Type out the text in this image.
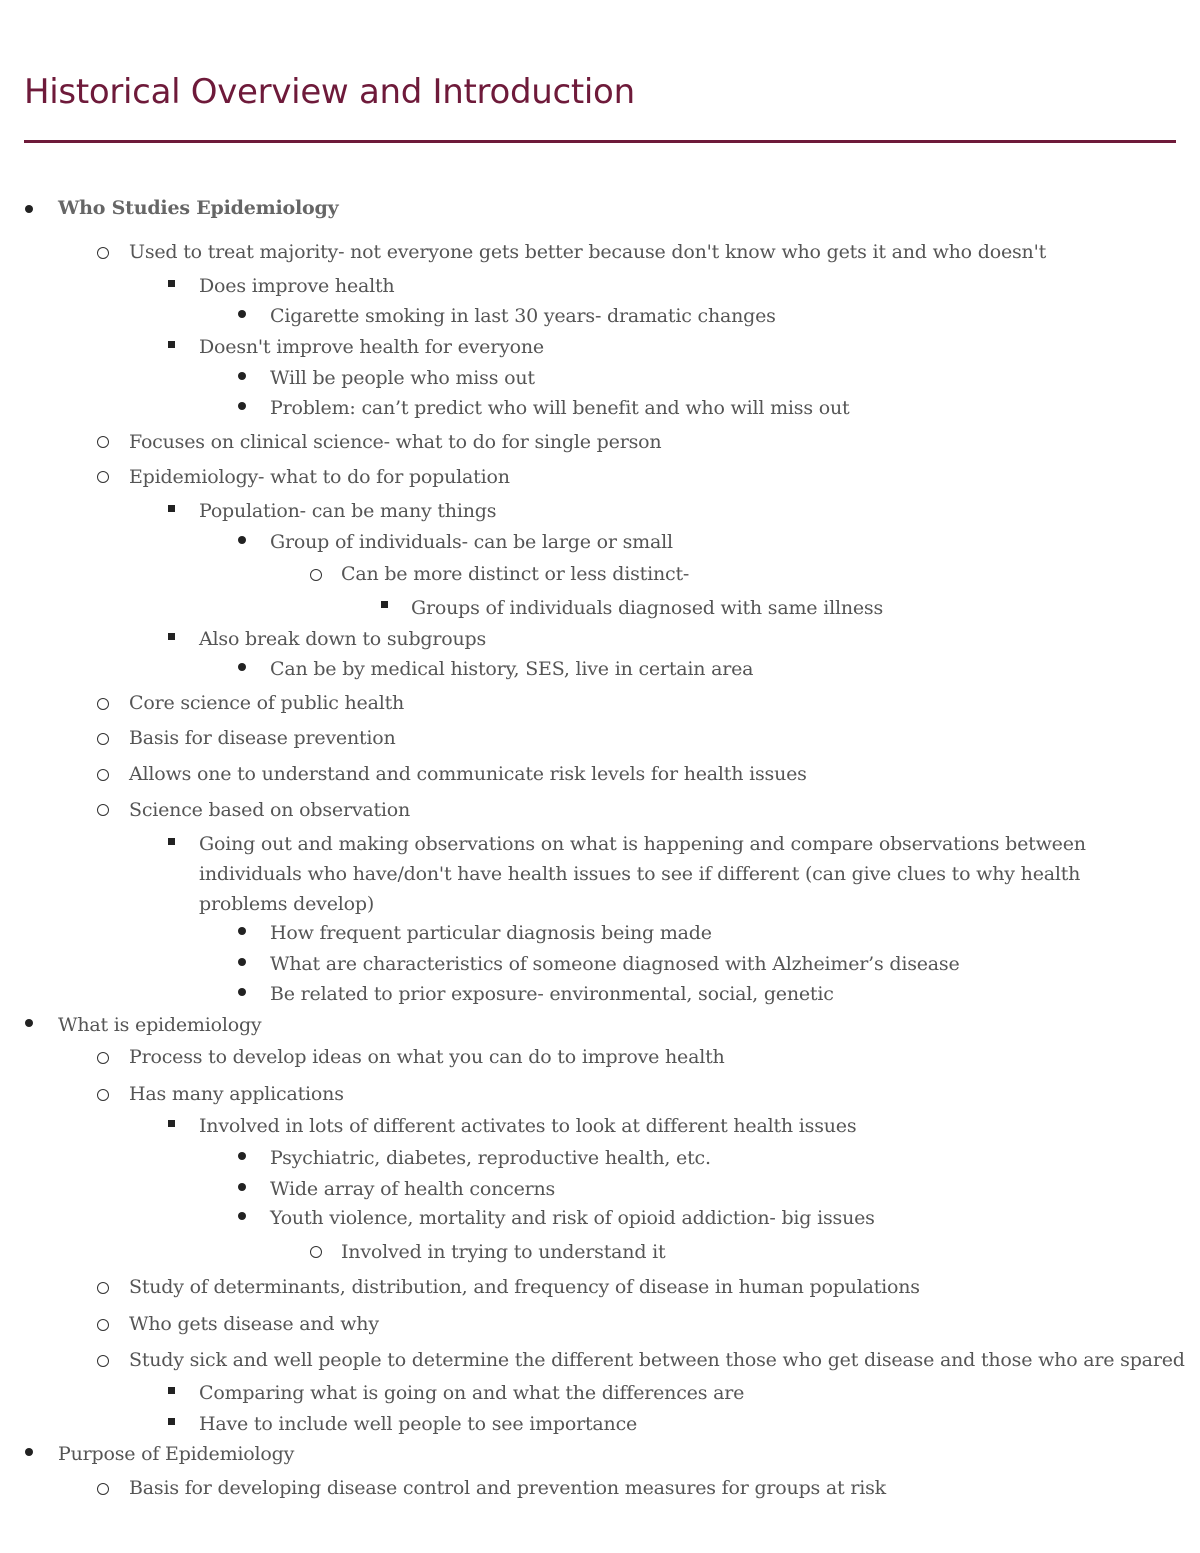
Historical Overview and Introduction
Who Studies Epidemiology
Used to treat majority- not everyone gets better because don't know who gets it and who doesn't
Does improve health
Cigarette smoking in last 30 years- dramatic changes
Doesn't improve health for everyone
Will be people who miss out
Problem: can’t predict who will benefit and who will miss out
Focuses on clinical science- what to do for single person
Epidemiology- what to do for population
Population- can be many things
Group of individuals- can be large or small
Can be more distinct or less distinct-
Groups of individuals diagnosed with same illness
Also break down to subgroups
Can be by medical history, SES, live in certain area
Core science of public health
Basis for disease prevention
Allows one to understand and communicate risk levels for health issues
Science based on observation
Going out and making observations on what is happening and compare observations between individuals who have/don't have health issues to see if different (can give clues to why health problems develop)
How frequent particular diagnosis being made
What are characteristics of someone diagnosed with Alzheimer’s disease
Be related to prior exposure- environmental, social, genetic
What is epidemiology
Process to develop ideas on what you can do to improve health
Has many applications
Involved in lots of different activates to look at different health issues
Psychiatric, diabetes, reproductive health, etc.
Wide array of health concerns
Youth violence, mortality and risk of opioid addiction- big issues
Involved in trying to understand it
Study of determinants, distribution, and frequency of disease in human populations
Who gets disease and why
Study sick and well people to determine the different between those who get disease and those who are spared
Comparing what is going on and what the differences are
Have to include well people to see importance
Purpose of Epidemiology
Basis for developing disease control and prevention measures for groups at risk
